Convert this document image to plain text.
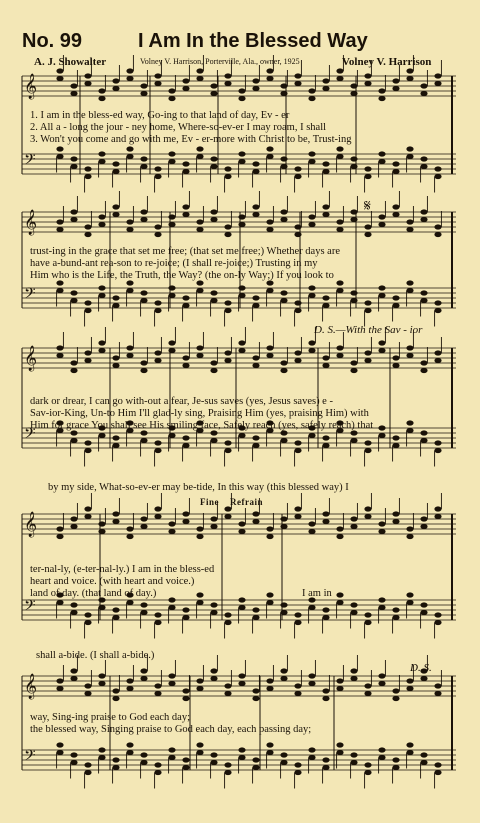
𝄞
𝄢
𝄞
𝄢
𝄞
𝄢
𝄞
𝄢
𝄞
𝄢
No. 99	I Am In the Blessed Way
A. J. Showalter	Volney V. Harrison, Porterville, Ala., owner, 1925	Volney V. Harrison
1. I am in the bless-ed way, Go-ing to that land of day, Ev - er
2. All a - long the jour - ney home, Where-so-ev-er I may roam, I shall
3. Won't you come and go with me, Ev - er-more with Christ to be, Trust-ing
𝄋
trust-ing in the grace that set me free; (that set me free;) Whether days are
have a-bund-ant rea-son to re-joice; (I shall re-joice;) Trusting in my
Him who is the Life, the Truth, the Way? (the on-ly Way;) If you look to
D. S.—With the Sav - ior
dark or drear, I can go with-out a fear, Je-sus saves (yes, Jesus saves) e -
Sav-ior-King, Un-to Him I'll glad-ly sing, Praising Him (yes, praising Him) with
Him for grace You shall see His smiling face, Safely reach (yes, safely reach) that
by my side, What-so-ev-er may be-tide, In this way (this blessed way) I
Fine Refrain
ter-nal-ly, (e-ter-nal-ly.) I am in the bless-ed
heart and voice. (with heart and voice.)
land of day. (that land of day.)	I am in
shall a-bide. (I shall a-bide.)
D. S.
way, Sing-ing praise to God each day;
the blessed way, Singing praise to God each day, each passing day;
